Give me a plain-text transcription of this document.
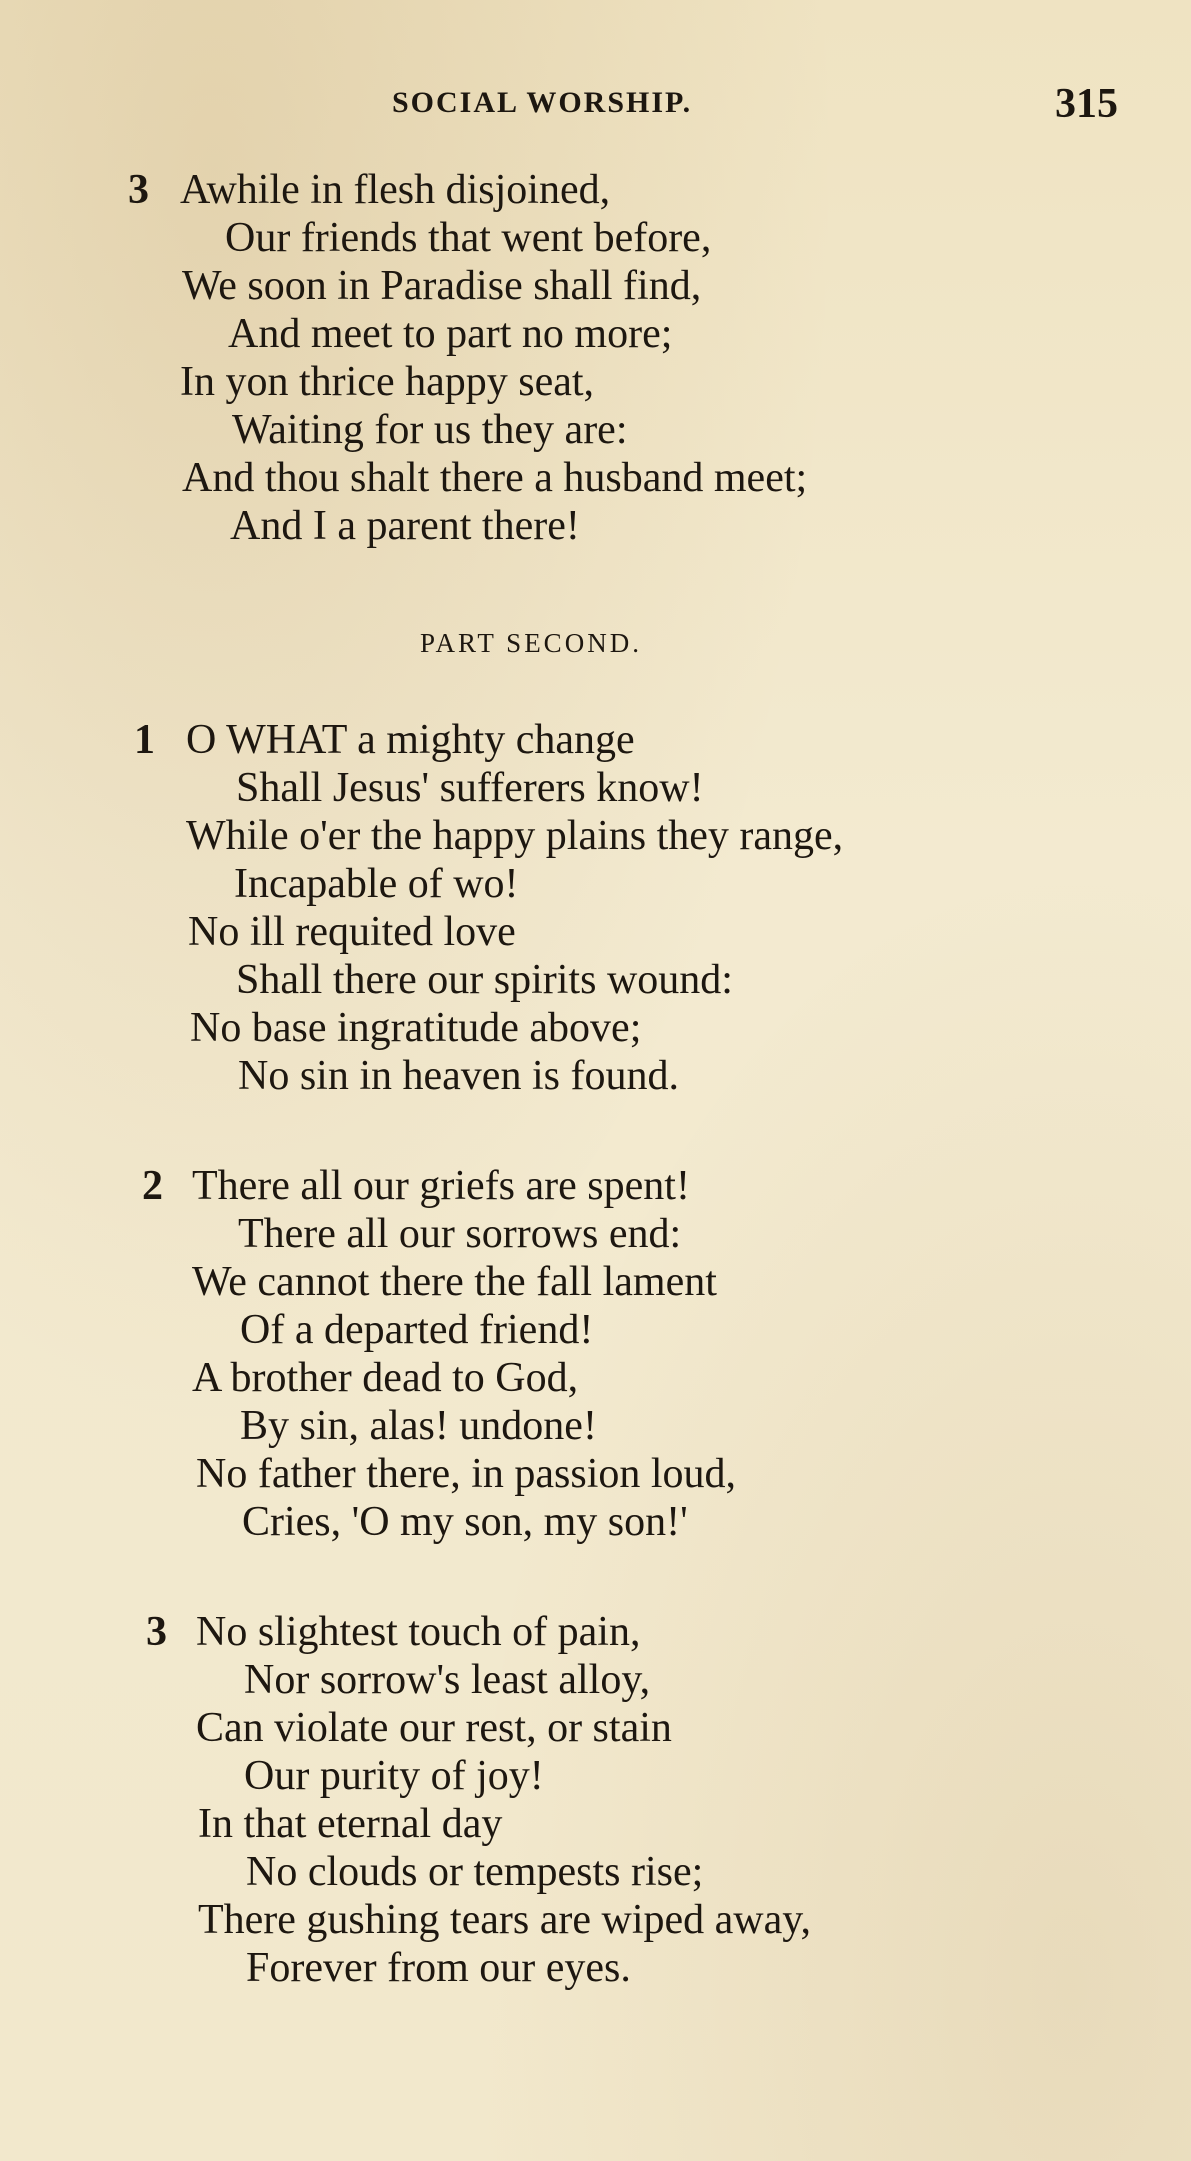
SOCIAL WORSHIP.	315
3 Awhile in flesh disjoined,
Our friends that went before,
We soon in Paradise shall find,
And meet to part no more;
In yon thrice happy seat,
Waiting for us they are:
And thou shalt there a husband meet;
And I a parent there!
PART SECOND.
1 O WHAT a mighty change
Shall Jesus' sufferers know!
While o'er the happy plains they range,
Incapable of wo!
No ill requited love
Shall there our spirits wound:
No base ingratitude above;
No sin in heaven is found.
2 There all our griefs are spent!
There all our sorrows end:
We cannot there the fall lament
Of a departed friend!
A brother dead to God,
By sin, alas! undone!
No father there, in passion loud,
Cries, 'O my son, my son!'
3 No slightest touch of pain,
Nor sorrow's least alloy,
Can violate our rest, or stain
Our purity of joy!
In that eternal day
No clouds or tempests rise;
There gushing tears are wiped away,
Forever from our eyes.
